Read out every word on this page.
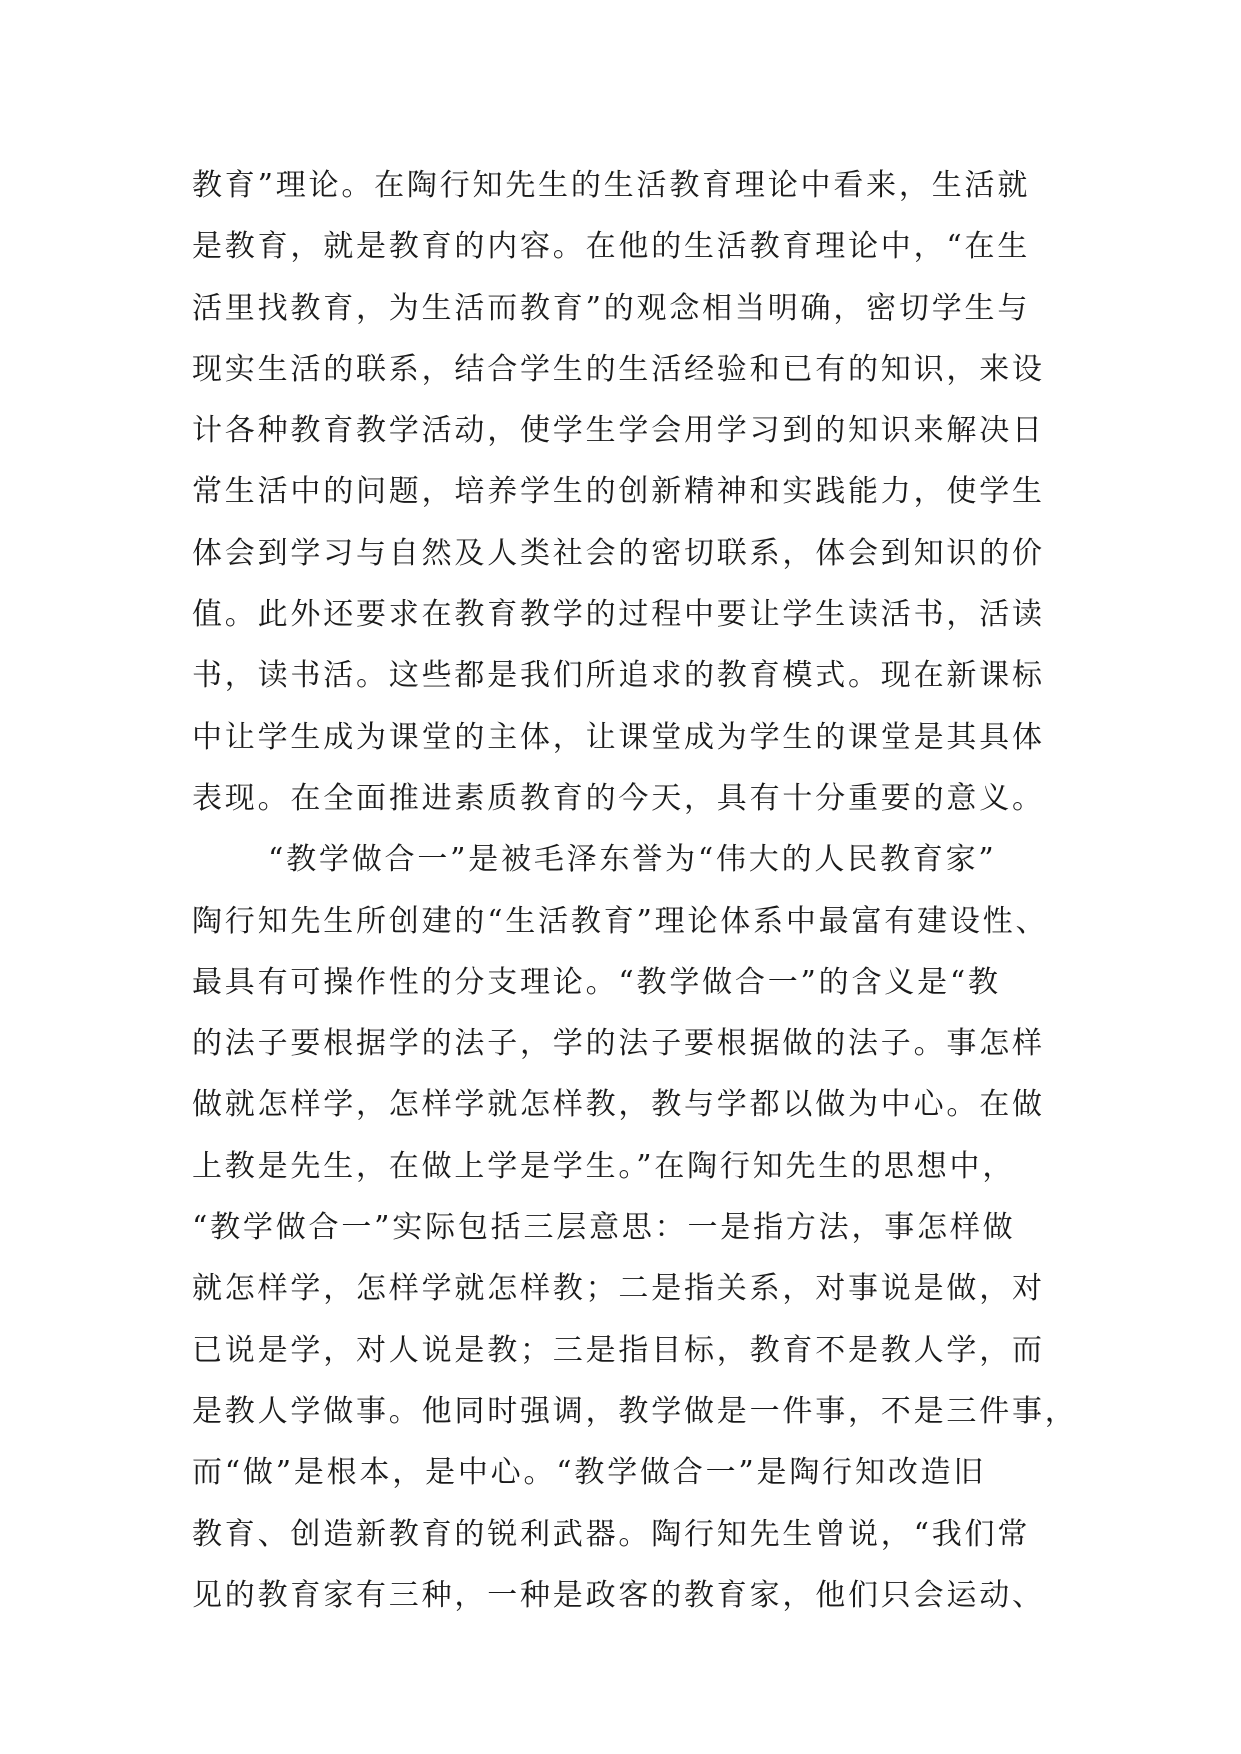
教育”理论。在陶行知先生的生活教育理论中看来，生活就
是教育，就是教育的内容。在他的生活教育理论中，“在生
活里找教育，为生活而教育”的观念相当明确，密切学生与
现实生活的联系，结合学生的生活经验和已有的知识，来设
计各种教育教学活动，使学生学会用学习到的知识来解决日
常生活中的问题，培养学生的创新精神和实践能力，使学生
体会到学习与自然及人类社会的密切联系，体会到知识的价
值。此外还要求在教育教学的过程中要让学生读活书，活读
书，读书活。这些都是我们所追求的教育模式。现在新课标
中让学生成为课堂的主体，让课堂成为学生的课堂是其具体
表现。在全面推进素质教育的今天，具有十分重要的意义。
“教学做合一”是被毛泽东誉为“伟大的人民教育家”
陶行知先生所创建的“生活教育”理论体系中最富有建设性、
最具有可操作性的分支理论。“教学做合一”的含义是“教
的法子要根据学的法子，学的法子要根据做的法子。事怎样
做就怎样学，怎样学就怎样教，教与学都以做为中心。在做
上教是先生，在做上学是学生。”在陶行知先生的思想中，
“教学做合一”实际包括三层意思：一是指方法，事怎样做
就怎样学，怎样学就怎样教；二是指关系，对事说是做，对
已说是学，对人说是教；三是指目标，教育不是教人学，而
是教人学做事。他同时强调，教学做是一件事，不是三件事，
而“做”是根本，是中心。“教学做合一”是陶行知改造旧
教育、创造新教育的锐利武器。陶行知先生曾说，“我们常
见的教育家有三种，一种是政客的教育家，他们只会运动、
